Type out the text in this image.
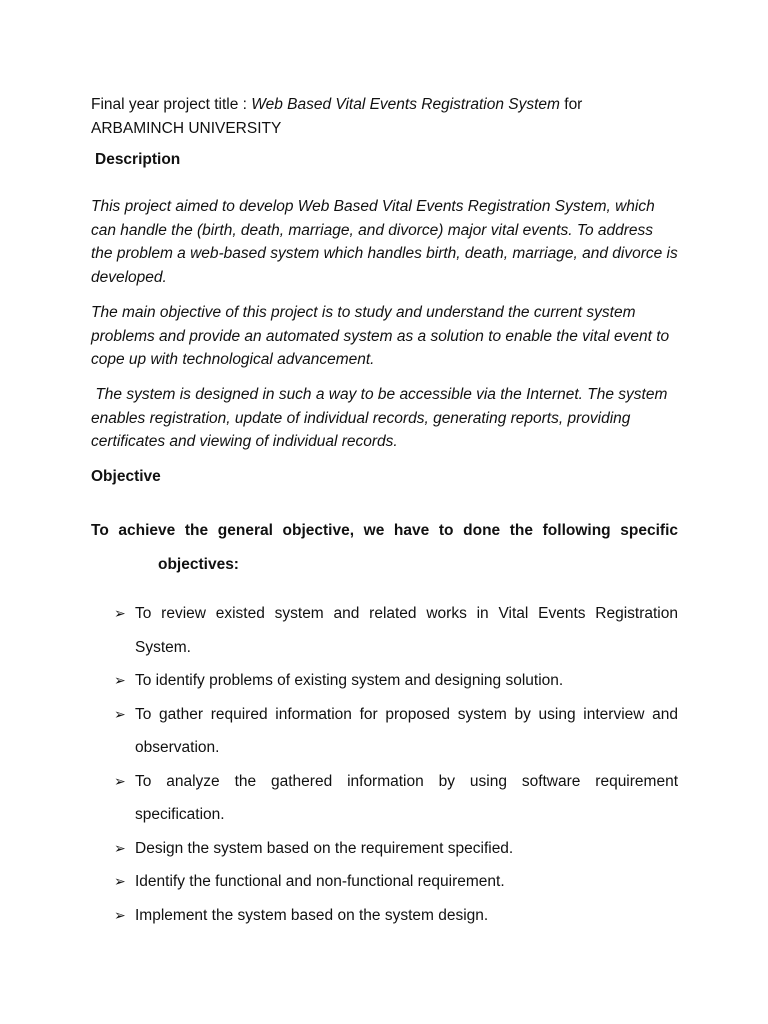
Final year project title : Web Based Vital Events Registration System for
ARBAMINCH UNIVERSITY
Description
This project aimed to develop Web Based Vital Events Registration System, which can handle the (birth, death, marriage, and divorce) major vital events. To address the problem a web-based system which handles birth, death, marriage, and divorce is developed.
The main objective of this project is to study and understand the current system problems and provide an automated system as a solution to enable the vital event to cope up with technological advancement.
The system is designed in such a way to be accessible via the Internet. The system enables registration, update of individual records, generating reports, providing certificates and viewing of individual records.
Objective
To achieve the general objective, we have to done the following specific
objectives:
➢ To review existed system and related works in Vital Events Registration
System.
➢ To identify problems of existing system and designing solution.
➢ To gather required information for proposed system by using interview and
observation.
➢ To analyze the gathered information by using software requirement
specification.
➢ Design the system based on the requirement specified.
➢ Identify the functional and non-functional requirement.
➢ Implement the system based on the system design.
